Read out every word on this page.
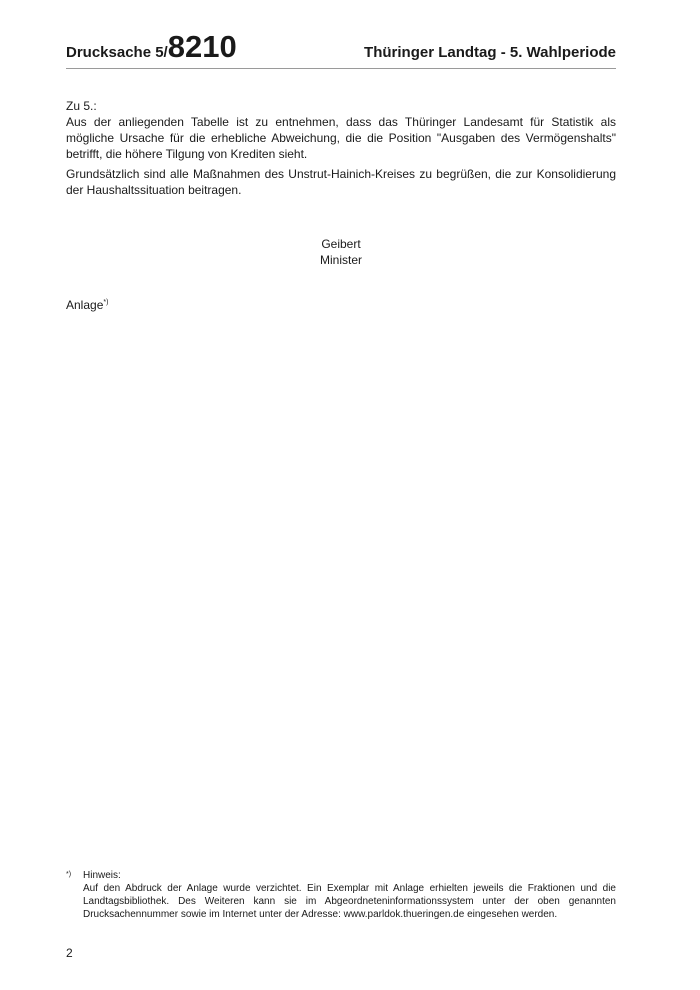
Drucksache 5/8210	Thüringer Landtag - 5. Wahlperiode

Zu 5.:

Aus der anliegenden Tabelle ist zu entnehmen, dass das Thüringer Landesamt für Statistik als mögliche Ursache für die erhebliche Abweichung, die die Position "Ausgaben des Vermögenshalts" betrifft, die höhere Tilgung von Krediten sieht.

Grundsätzlich sind alle Maßnahmen des Unstrut-Hainich-Kreises zu begrüßen, die zur Konsolidierung der Haushaltssituation beitragen.

Geibert
Minister
Anlage*)
*) Hinweis:
Auf den Abdruck der Anlage wurde verzichtet. Ein Exemplar mit Anlage erhielten jeweils die Fraktionen und die Landtagsbibliothek. Des Weiteren kann sie im Abgeordneteninformationssystem unter der oben genannten Drucksachennummer sowie im Internet unter der Adresse: www.parldok.thueringen.de eingesehen werden.
2
